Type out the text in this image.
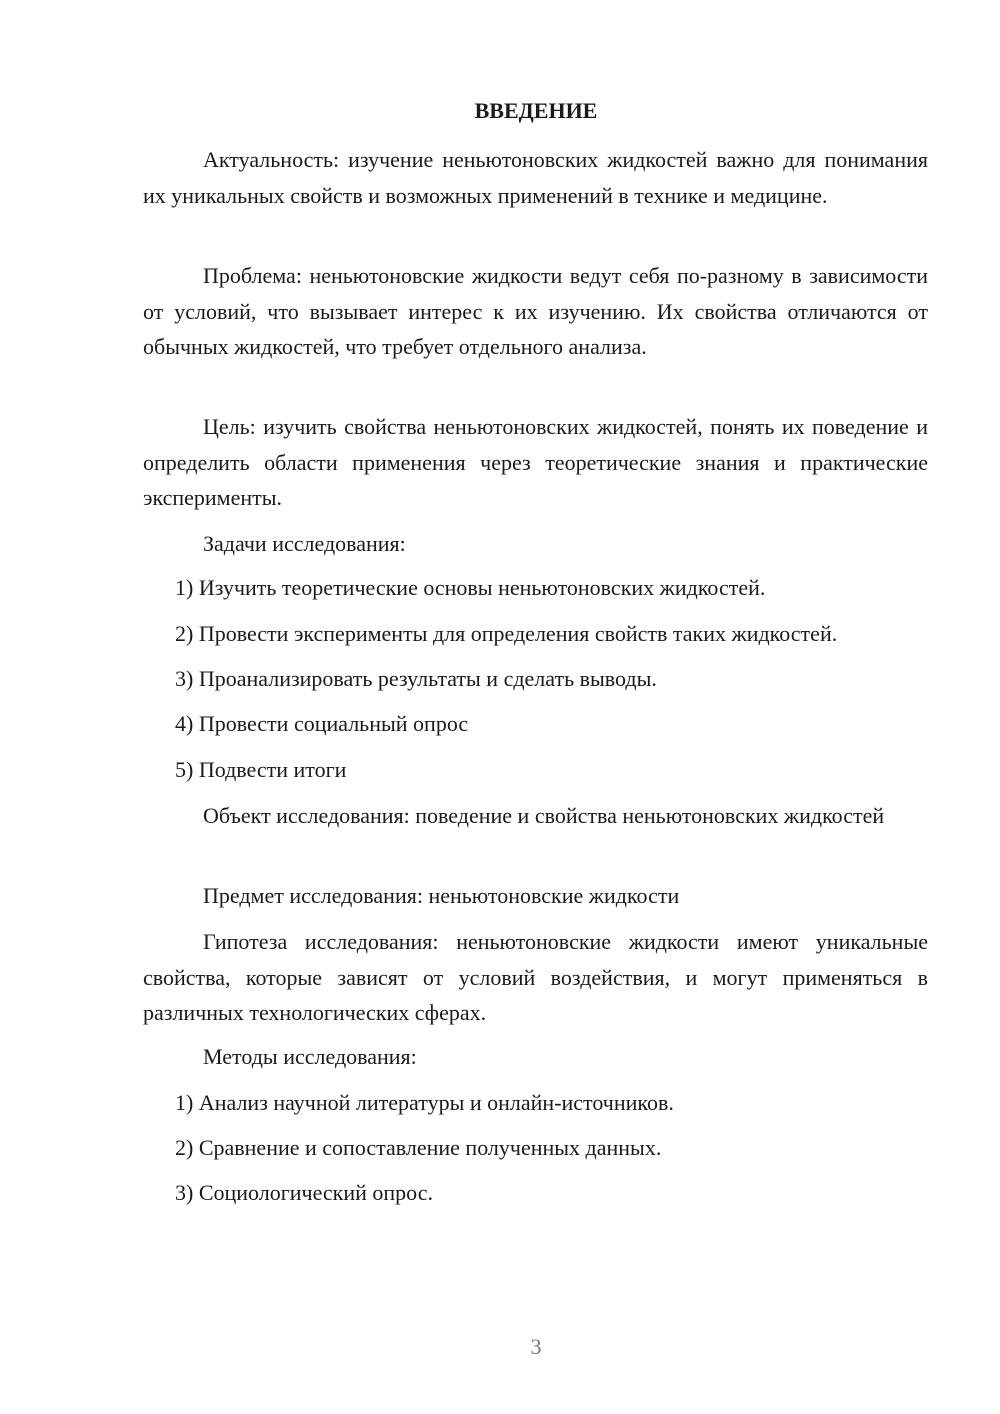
ВВЕДЕНИЕ

Актуальность: изучение неньютоновских жидкостей важно для понимания их уникальных свойств и возможных применений в технике и медицине.

Проблема: неньютоновские жидкости ведут себя по-разному в зависимости от условий, что вызывает интерес к их изучению. Их свойства отличаются от обычных жидкостей, что требует отдельного анализа.

Цель: изучить свойства неньютоновских жидкостей, понять их поведение и определить области применения через теоретические знания и практические эксперименты.

Задачи исследования:
1) Изучить теоретические основы неньютоновских жидкостей.
2) Провести эксперименты для определения свойств таких жидкостей.
3) Проанализировать результаты и сделать выводы.
4) Провести социальный опрос
5) Подвести итоги

Объект исследования: поведение и свойства неньютоновских жидкостей

Предмет исследования: неньютоновские жидкости

Гипотеза исследования: неньютоновские жидкости имеют уникальные свойства, которые зависят от условий воздействия, и могут применяться в различных технологических сферах.

Методы исследования:
1) Анализ научной литературы и онлайн-источников.
2) Сравнение и сопоставление полученных данных.
3) Социологический опрос.
3
